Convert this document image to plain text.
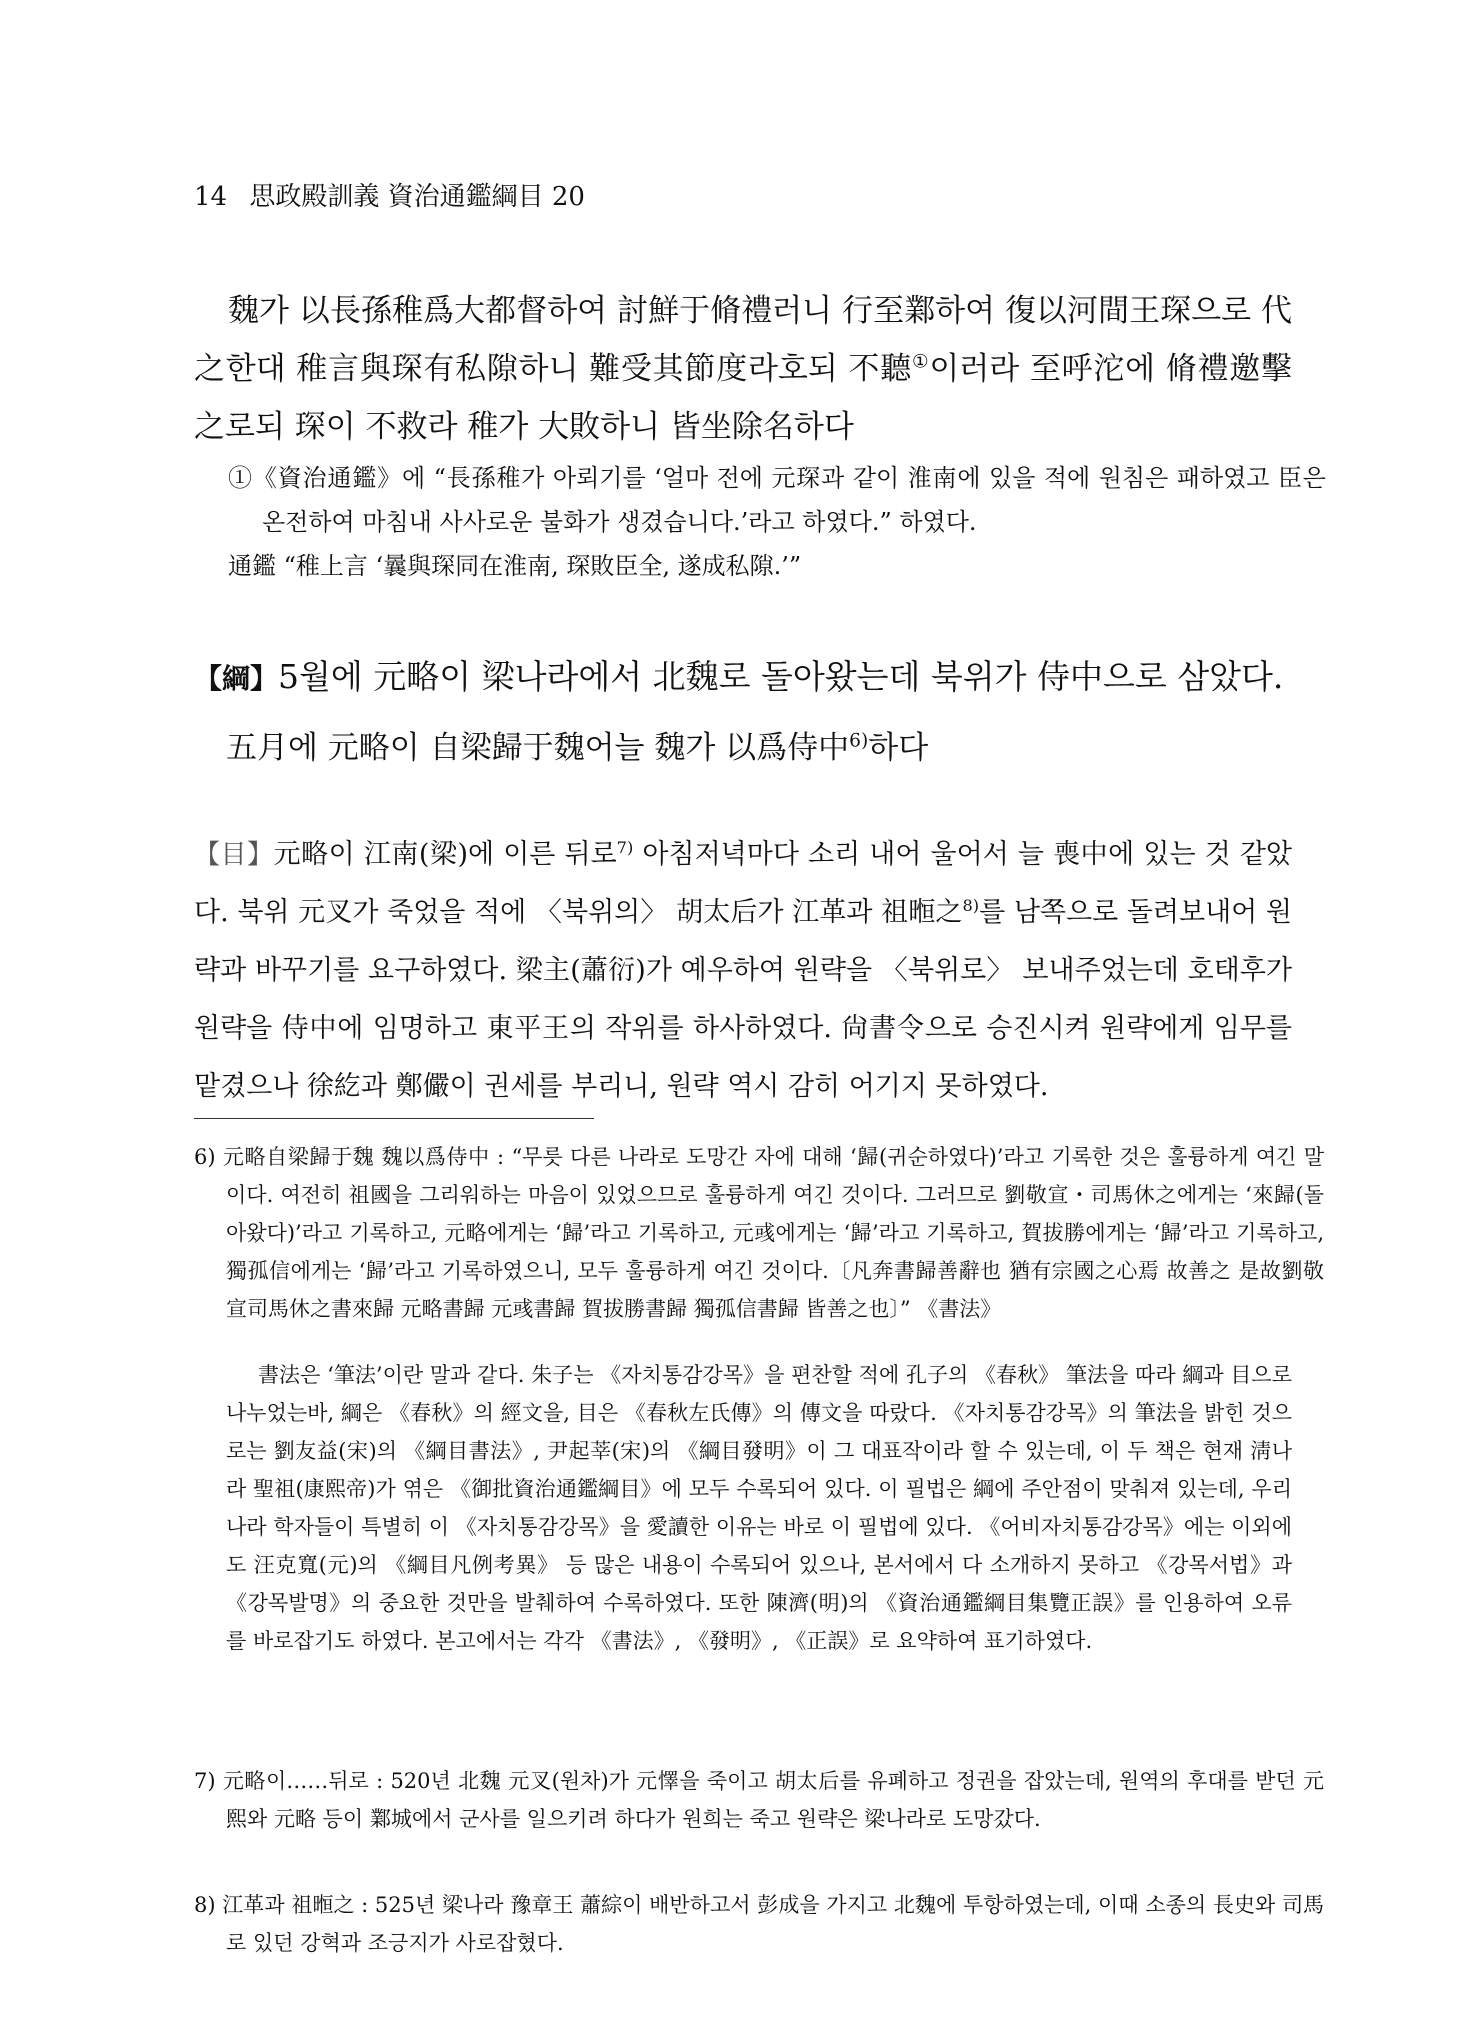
14 思政殿訓義 資治通鑑綱目 20
魏가 以長孫稚爲大都督하여 討鮮于脩禮러니 行至鄴하여 復以河間王琛으로 代之한대 稚言與琛有私隙하니 難受其節度라호되 不聽①이러라 至呼沱에 脩禮邀擊之로되 琛이 不救라 稚가 大敗하니 皆坐除名하다
①《資治通鑑》에 “長孫稚가 아뢰기를 ‘얼마 전에 元琛과 같이 淮南에 있을 적에 원침은 패하였고 臣은 온전하여 마침내 사사로운 불화가 생겼습니다.’라고 하였다.” 하였다.
通鑑 “稚上言 ‘曩與琛同在淮南, 琛敗臣全, 遂成私隙.’”
【綱】5월에 元略이 梁나라에서 北魏로 돌아왔는데 북위가 侍中으로 삼았다.
五月에 元略이 自梁歸于魏어늘 魏가 以爲侍中$^{6)}$하다
【目】元略이 江南(梁)에 이른 뒤로$^{7)}$ 아침저녁마다 소리 내어 울어서 늘 喪中에 있는 것 같았다. 북위 元叉가 죽었을 적에 〈북위의〉 胡太后가 江革과 祖暅之$^{8)}$를 남쪽으로 돌려보내어 원략과 바꾸기를 요구하였다. 梁主(蕭衍)가 예우하여 원략을 〈북위로〉 보내주었는데 호태후가 원략을 侍中에 임명하고 東平王의 작위를 하사하였다. 尙書令으로 승진시켜 원략에게 임무를 맡겼으나 徐紇과 鄭儼이 권세를 부리니, 원략 역시 감히 어기지 못하였다.
6) 元略自梁歸于魏 魏以爲侍中 : “무릇 다른 나라로 도망간 자에 대해 ‘歸(귀순하였다)’라고 기록한 것은 훌륭하게 여긴 말이다. 여전히 祖國을 그리워하는 마음이 있었으므로 훌륭하게 여긴 것이다. 그러므로 劉敬宣・司馬休之에게는 ‘來歸(돌아왔다)’라고 기록하고, 元略에게는 ‘歸’라고 기록하고, 元彧에게는 ‘歸’라고 기록하고, 賀拔勝에게는 ‘歸’라고 기록하고, 獨孤信에게는 ‘歸’라고 기록하였으니, 모두 훌륭하게 여긴 것이다.〔凡奔書歸善辭也 猶有宗國之心焉 故善之 是故劉敬宣司馬休之書來歸 元略書歸 元彧書歸 賀拔勝書歸 獨孤信書歸 皆善之也〕” 《書法》
書法은 ‘筆法’이란 말과 같다. 朱子는 《자치통감강목》을 편찬할 적에 孔子의 《春秋》 筆法을 따라 綱과 目으로 나누었는바, 綱은 《春秋》의 經文을, 目은 《春秋左氏傳》의 傳文을 따랐다. 《자치통감강목》의 筆法을 밝힌 것으로는 劉友益(宋)의 《綱目書法》, 尹起莘(宋)의 《綱目發明》이 그 대표작이라 할 수 있는데, 이 두 책은 현재 淸나라 聖祖(康熙帝)가 엮은 《御批資治通鑑綱目》에 모두 수록되어 있다. 이 필법은 綱에 주안점이 맞춰져 있는데, 우리나라 학자들이 특별히 이 《자치통감강목》을 愛讀한 이유는 바로 이 필법에 있다. 《어비자치통감강목》에는 이외에도 汪克寬(元)의 《綱目凡例考異》 등 많은 내용이 수록되어 있으나, 본서에서 다 소개하지 못하고 《강목서법》과 《강목발명》의 중요한 것만을 발췌하여 수록하였다. 또한 陳濟(明)의 《資治通鑑綱目集覽正誤》를 인용하여 오류를 바로잡기도 하였다. 본고에서는 각각 《書法》, 《發明》, 《正誤》로 요약하여 표기하였다.
7) 元略이……뒤로 : 520년 北魏 元叉(원차)가 元懌을 죽이고 胡太后를 유폐하고 정권을 잡았는데, 원역의 후대를 받던 元熙와 元略 등이 鄴城에서 군사를 일으키려 하다가 원희는 죽고 원략은 梁나라로 도망갔다.
8) 江革과 祖暅之 : 525년 梁나라 豫章王 蕭綜이 배반하고서 彭成을 가지고 北魏에 투항하였는데, 이때 소종의 長史와 司馬로 있던 강혁과 조긍지가 사로잡혔다.
